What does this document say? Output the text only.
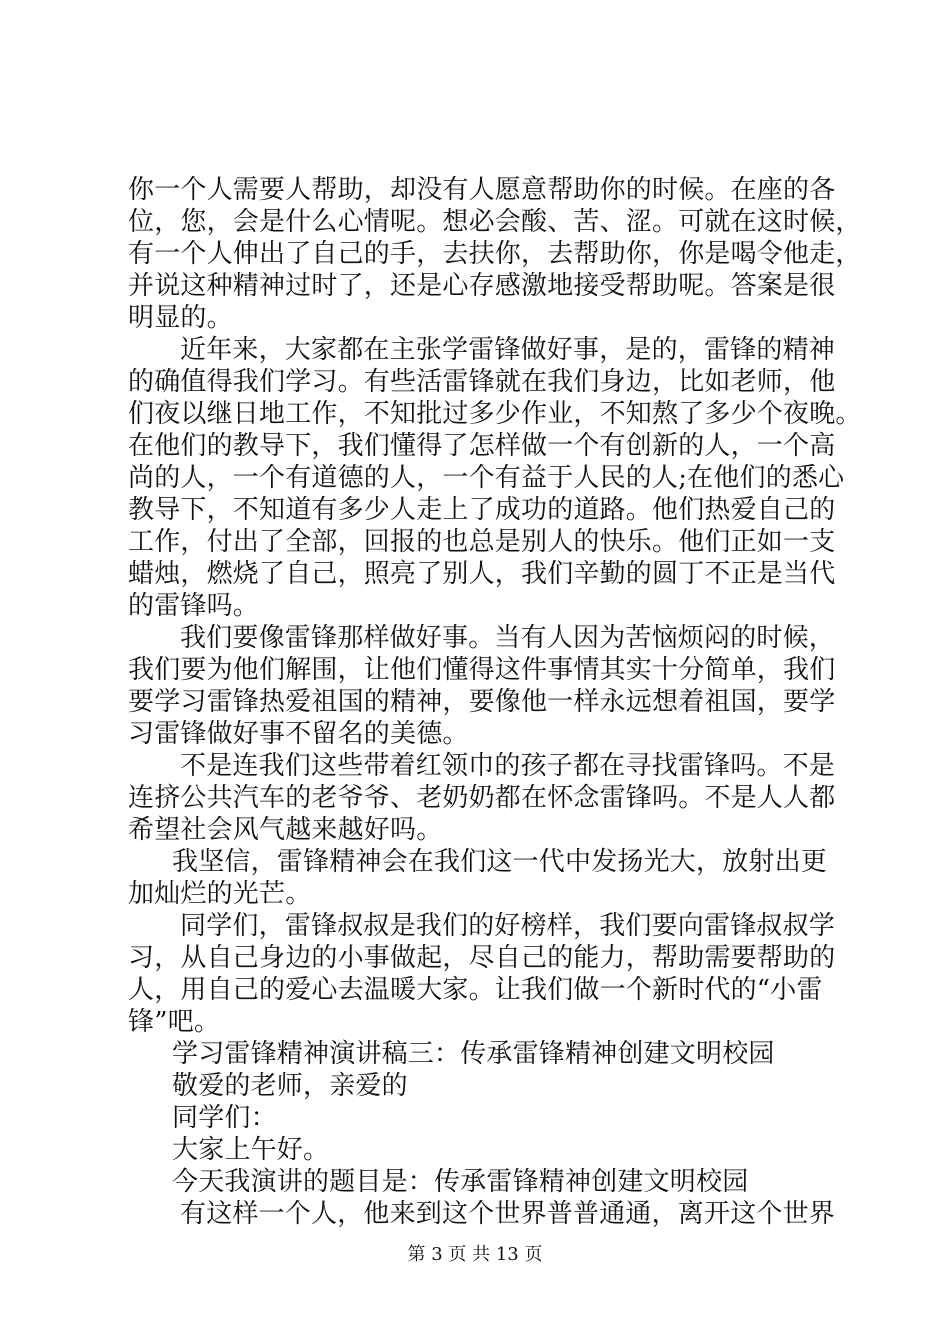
你一个人需要人帮助，却没有人愿意帮助你的时候。在座的各
位，您，会是什么心情呢。想必会酸、苦、涩。可就在这时候，
有一个人伸出了自己的手，去扶你，去帮助你，你是喝令他走，
并说这种精神过时了，还是心存感激地接受帮助呢。答案是很
明显的。
近年来，大家都在主张学雷锋做好事，是的，雷锋的精神
的确值得我们学习。有些活雷锋就在我们身边，比如老师，他
们夜以继日地工作，不知批过多少作业，不知熬了多少个夜晚。
在他们的教导下，我们懂得了怎样做一个有创新的人，一个高
尚的人，一个有道德的人，一个有益于人民的人;在他们的悉心
教导下，不知道有多少人走上了成功的道路。他们热爱自己的
工作，付出了全部，回报的也总是别人的快乐。他们正如一支
蜡烛，燃烧了自己，照亮了别人，我们辛勤的圆丁不正是当代
的雷锋吗。
我们要像雷锋那样做好事。当有人因为苦恼烦闷的时候，
我们要为他们解围，让他们懂得这件事情其实十分简单，我们
要学习雷锋热爱祖国的精神，要像他一样永远想着祖国，要学
习雷锋做好事不留名的美德。
不是连我们这些带着红领巾的孩子都在寻找雷锋吗。不是
连挤公共汽车的老爷爷、老奶奶都在怀念雷锋吗。不是人人都
希望社会风气越来越好吗。
我坚信，雷锋精神会在我们这一代中发扬光大，放射出更
加灿烂的光芒。
同学们，雷锋叔叔是我们的好榜样，我们要向雷锋叔叔学
习，从自己身边的小事做起，尽自己的能力，帮助需要帮助的
人，用自己的爱心去温暖大家。让我们做一个新时代的“小雷
锋”吧。
学习雷锋精神演讲稿三：传承雷锋精神创建文明校园
敬爱的老师，亲爱的
同学们：
大家上午好。
今天我演讲的题目是：传承雷锋精神创建文明校园
有这样一个人，他来到这个世界普普通通，离开这个世界
第 3 页 共 13 页
